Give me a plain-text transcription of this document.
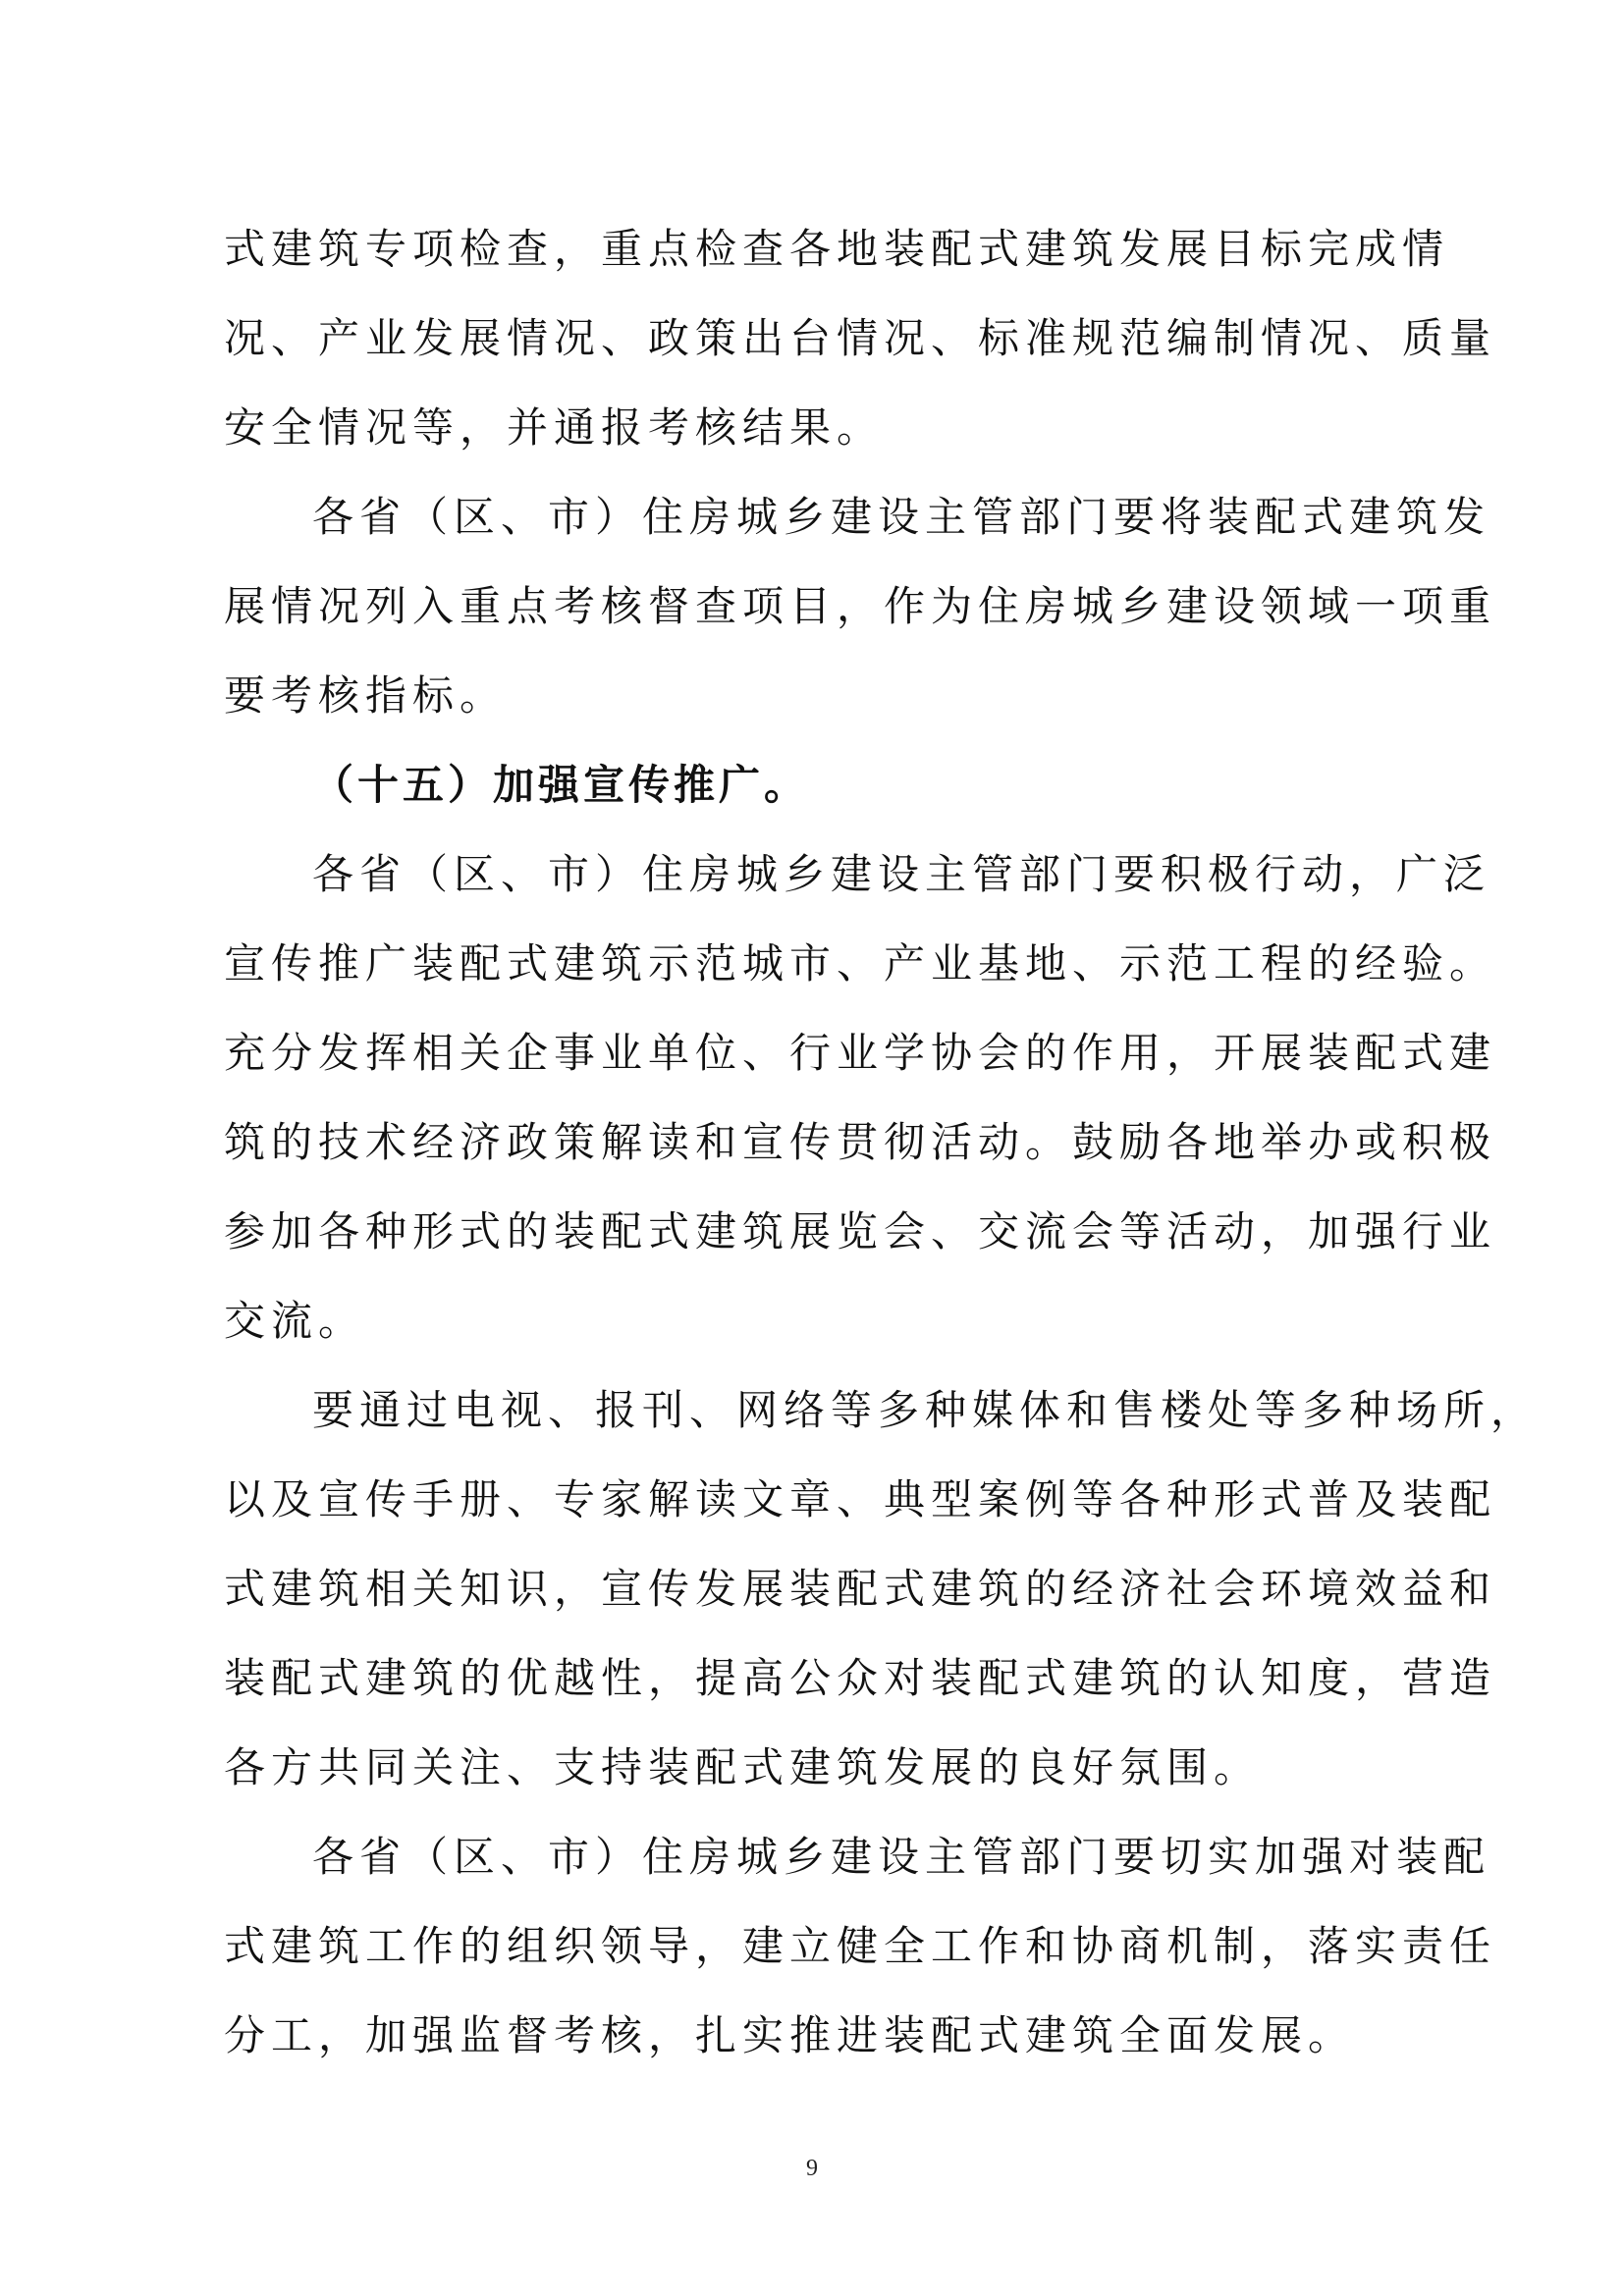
式建筑专项检查，重点检查各地装配式建筑发展目标完成情
况、产业发展情况、政策出台情况、标准规范编制情况、质量
安全情况等，并通报考核结果。
各省（区、市）住房城乡建设主管部门要将装配式建筑发
展情况列入重点考核督查项目，作为住房城乡建设领域一项重
要考核指标。
（十五）加强宣传推广。
各省（区、市）住房城乡建设主管部门要积极行动，广泛
宣传推广装配式建筑示范城市、产业基地、示范工程的经验。
充分发挥相关企事业单位、行业学协会的作用，开展装配式建
筑的技术经济政策解读和宣传贯彻活动。鼓励各地举办或积极
参加各种形式的装配式建筑展览会、交流会等活动，加强行业
交流。
要通过电视、报刊、网络等多种媒体和售楼处等多种场所，
以及宣传手册、专家解读文章、典型案例等各种形式普及装配
式建筑相关知识，宣传发展装配式建筑的经济社会环境效益和
装配式建筑的优越性，提高公众对装配式建筑的认知度，营造
各方共同关注、支持装配式建筑发展的良好氛围。
各省（区、市）住房城乡建设主管部门要切实加强对装配
式建筑工作的组织领导，建立健全工作和协商机制，落实责任
分工，加强监督考核，扎实推进装配式建筑全面发展。
9
